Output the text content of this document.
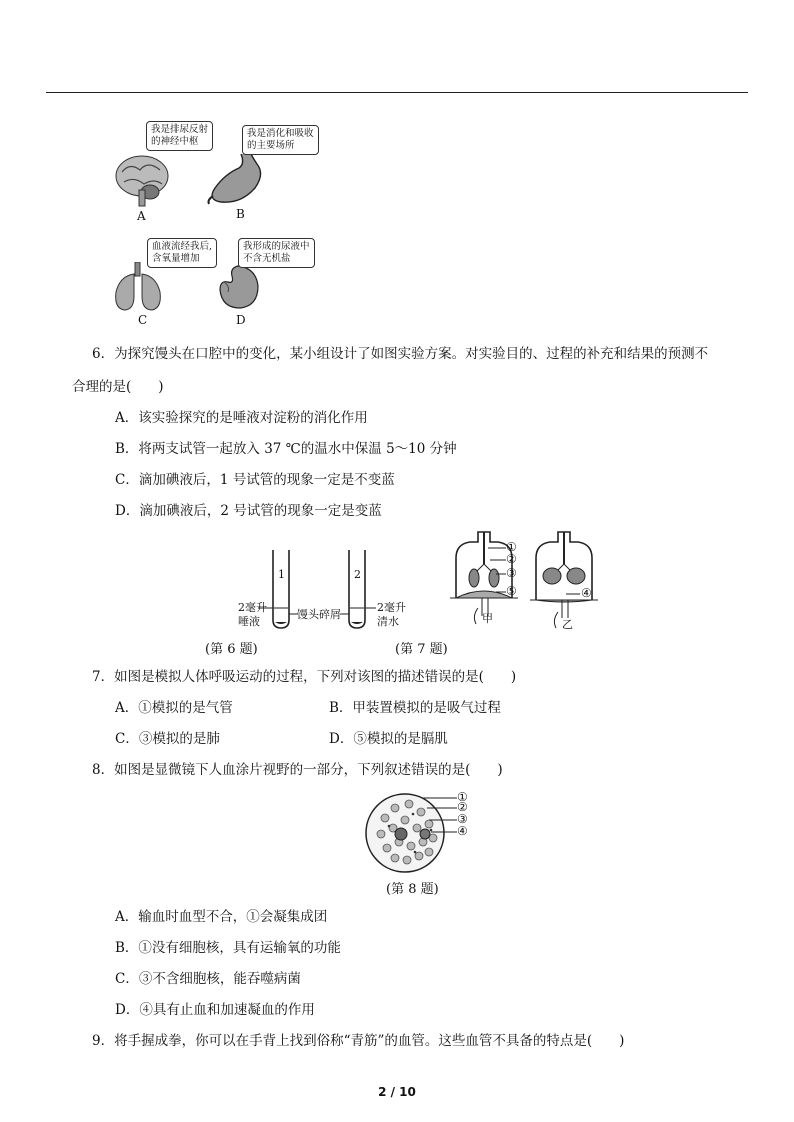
我是排尿反射
的神经中枢
A
我是消化和吸收
的主要场所
B
血液流经我后,
含氧量增加
C
我形成的尿液中
不含无机盐
D
6．为探究馒头在口腔中的变化，某小组设计了如图实验方案。对实验目的、过程的补充和结果的预测不
合理的是(　　)
A．该实验探究的是唾液对淀粉的消化作用
B．将两支试管一起放入 37 ℃的温水中保温 5～10 分钟
C．滴加碘液后，1 号试管的现象一定是不变蓝
D．滴加碘液后，2 号试管的现象一定是变蓝
1	2
2毫升
唾液
馒头碎屑
2毫升
清水
(第 6 题)
①
②
③
⑤	④
甲	乙
(第 7 题)
7．如图是模拟人体呼吸运动的过程，下列对该图的描述错误的是(　　)
A．①模拟的是气管	B．甲装置模拟的是吸气过程
C．③模拟的是肺	D．⑤模拟的是膈肌
8．如图是显微镜下人血涂片视野的一部分，下列叙述错误的是(　　)
①
②
③
④
(第 8 题)
A．输血时血型不合，①会凝集成团
B．①没有细胞核，具有运输氧的功能
C．③不含细胞核，能吞噬病菌
D．④具有止血和加速凝血的作用
9．将手握成拳，你可以在手背上找到俗称“青筋”的血管。这些血管不具备的特点是(　　)
2 / 10
